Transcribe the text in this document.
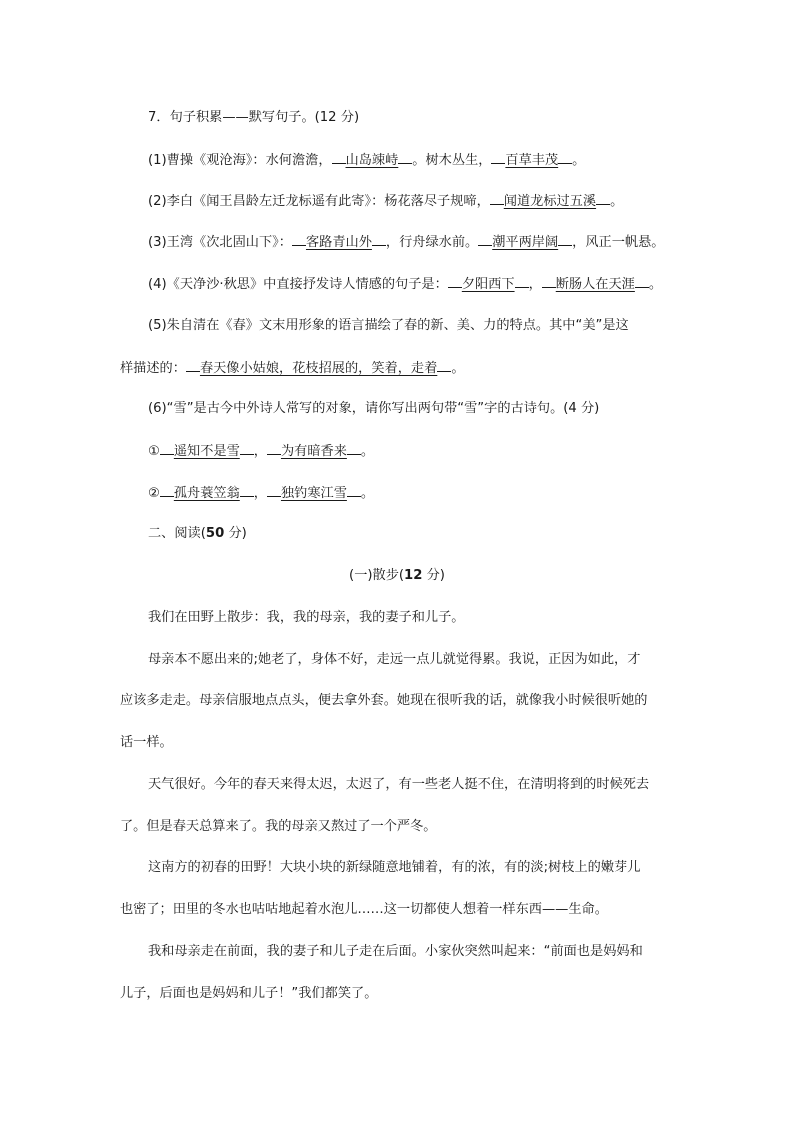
7．句子积累——默写句子。(12 分)
(1)曹操《观沧海》：水何澹澹， 山岛竦峙 。树木丛生， 百草丰茂 。
(2)李白《闻王昌龄左迁龙标遥有此寄》：杨花落尽子规啼， 闻道龙标过五溪 。
(3)王湾《次北固山下》： 客路青山外 ，行舟绿水前。 潮平两岸阔 ，风正一帆悬。
(4)《天净沙·秋思》中直接抒发诗人情感的句子是： 夕阳西下 ， 断肠人在天涯 。
(5)朱自清在《春》文末用形象的语言描绘了春的新、美、力的特点。其中“美”是这
样描述的： 春天像小姑娘，花枝招展的，笑着，走着 。
(6)“雪”是古今中外诗人常写的对象，请你写出两句带“雪”字的古诗句。(4 分)
① 遥知不是雪 ， 为有暗香来 。
② 孤舟蓑笠翁 ， 独钓寒江雪 。
二、阅读(50 分)
(一)散步(12 分)
我们在田野上散步：我，我的母亲，我的妻子和儿子。
母亲本不愿出来的;她老了，身体不好，走远一点儿就觉得累。我说，正因为如此，才
应该多走走。母亲信服地点点头，便去拿外套。她现在很听我的话，就像我小时候很听她的
话一样。
天气很好。今年的春天来得太迟，太迟了，有一些老人挺不住，在清明将到的时候死去
了。但是春天总算来了。我的母亲又熬过了一个严冬。
这南方的初春的田野！大块小块的新绿随意地铺着，有的浓，有的淡;树枝上的嫩芽儿
也密了；田里的冬水也咕咕地起着水泡儿……这一切都使人想着一样东西——生命。
我和母亲走在前面，我的妻子和儿子走在后面。小家伙突然叫起来：“前面也是妈妈和
儿子，后面也是妈妈和儿子！”我们都笑了。
